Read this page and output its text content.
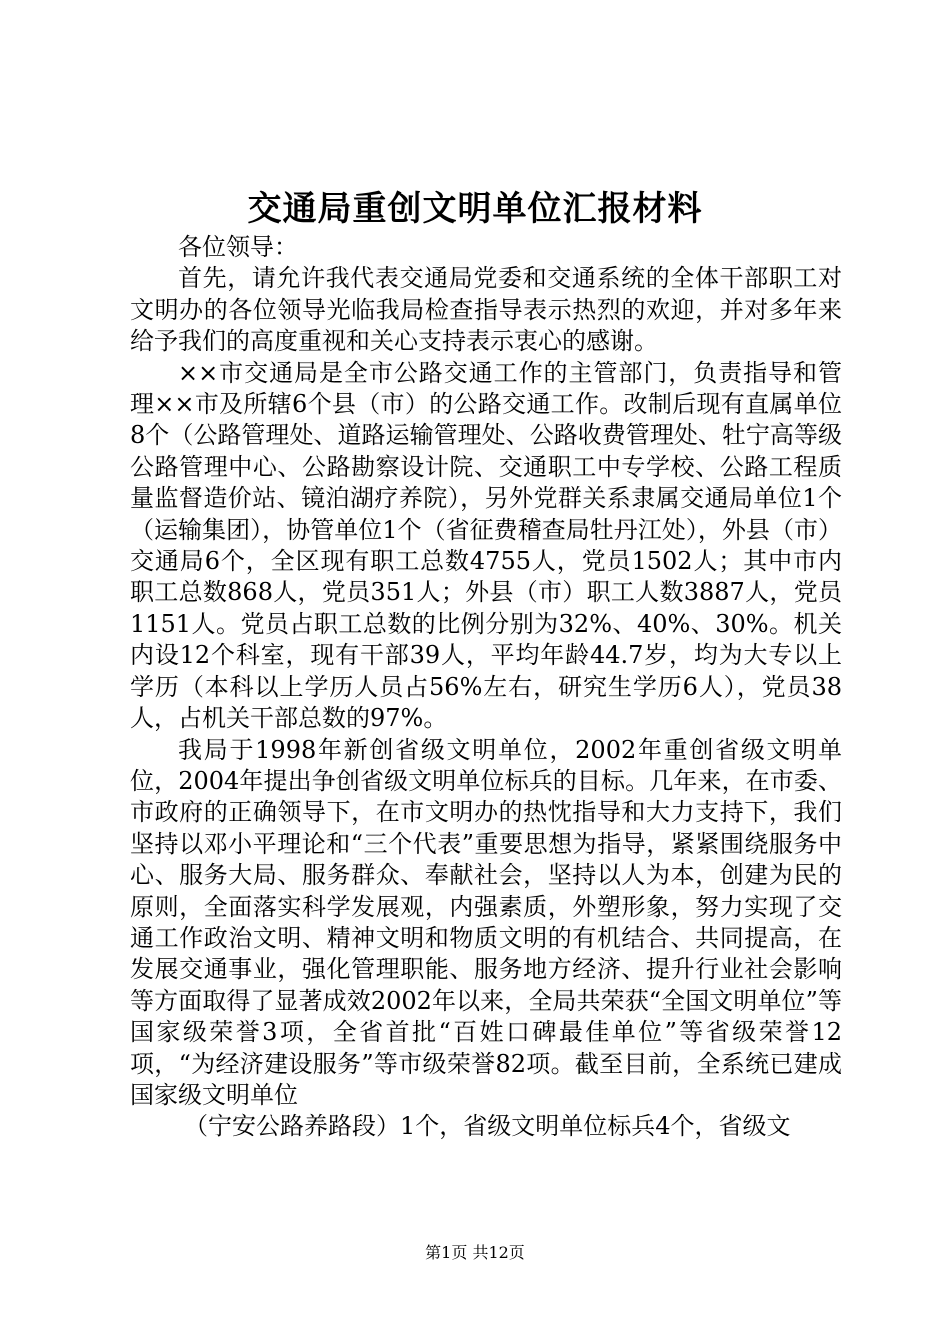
交通局重创文明单位汇报材料

各位领导：

首先，请允许我代表交通局党委和交通系统的全体干部职工对文明办的各位领导光临我局检查指导表示热烈的欢迎，并对多年来给予我们的高度重视和关心支持表示衷心的感谢。

××市交通局是全市公路交通工作的主管部门，负责指导和管理××市及所辖6个县（市）的公路交通工作。改制后现有直属单位8个（公路管理处、道路运输管理处、公路收费管理处、牡宁高等级公路管理中心、公路勘察设计院、交通职工中专学校、公路工程质量监督造价站、镜泊湖疗养院），另外党群关系隶属交通局单位1个（运输集团），协管单位1个（省征费稽查局牡丹江处），外县（市）交通局6个，全区现有职工总数4755人，党员1502人；其中市内职工总数868人，党员351人；外县（市）职工人数3887人，党员1151人。党员占职工总数的比例分别为32%、40%、30%。机关内设12个科室，现有干部39人，平均年龄44.7岁，均为大专以上学历（本科以上学历人员占56%左右，研究生学历6人），党员38人，占机关干部总数的97%。

我局于1998年新创省级文明单位，2002年重创省级文明单位，2004年提出争创省级文明单位标兵的目标。几年来，在市委、市政府的正确领导下，在市文明办的热忱指导和大力支持下，我们坚持以邓小平理论和“三个代表”重要思想为指导，紧紧围绕服务中心、服务大局、服务群众、奉献社会，坚持以人为本，创建为民的原则，全面落实科学发展观，内强素质，外塑形象，努力实现了交通工作政治文明、精神文明和物质文明的有机结合、共同提高，在发展交通事业，强化管理职能、服务地方经济、提升行业社会影响等方面取得了显著成效2002年以来，全局共荣获“全国文明单位”等国家级荣誉3项，全省首批“百姓口碑最佳单位”等省级荣誉12项，“为经济建设服务”等市级荣誉82项。截至目前，全系统已建成国家级文明单位

（宁安公路养路段）1个，省级文明单位标兵4个，省级文

第1页 共12页
